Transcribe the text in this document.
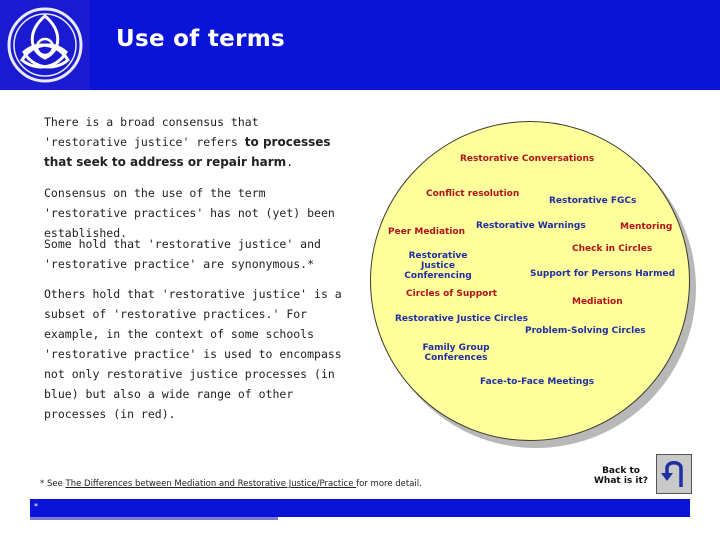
Use of terms
There is a broad consensus that 'restorative justice' refers to processes that seek to address or repair harm.
Consensus on the use of the term 'restorative practices' has not (yet) been established.
Some hold that 'restorative justice' and 'restorative practice' are synonymous.*
Others hold that 'restorative justice' is a subset of 'restorative practices.' For example, in the context of some schools 'restorative practice' is used to encompass not only restorative justice processes (in blue) but also a wide range of other processes (in red).
Restorative Conversations
Conflict resolution
Restorative FGCs
Peer Mediation
Restorative Warnings	Mentoring
Check in Circles
Restorative Justice Conferencing	Support for Persons Harmed
Circles of Support
Mediation
Restorative Justice Circles
Problem-Solving Circles
Family Group Conferences
Face-to-Face Meetings
* See The Differences between Mediation and Restorative Justice/Practice for more detail.
Back to What is it?
*
